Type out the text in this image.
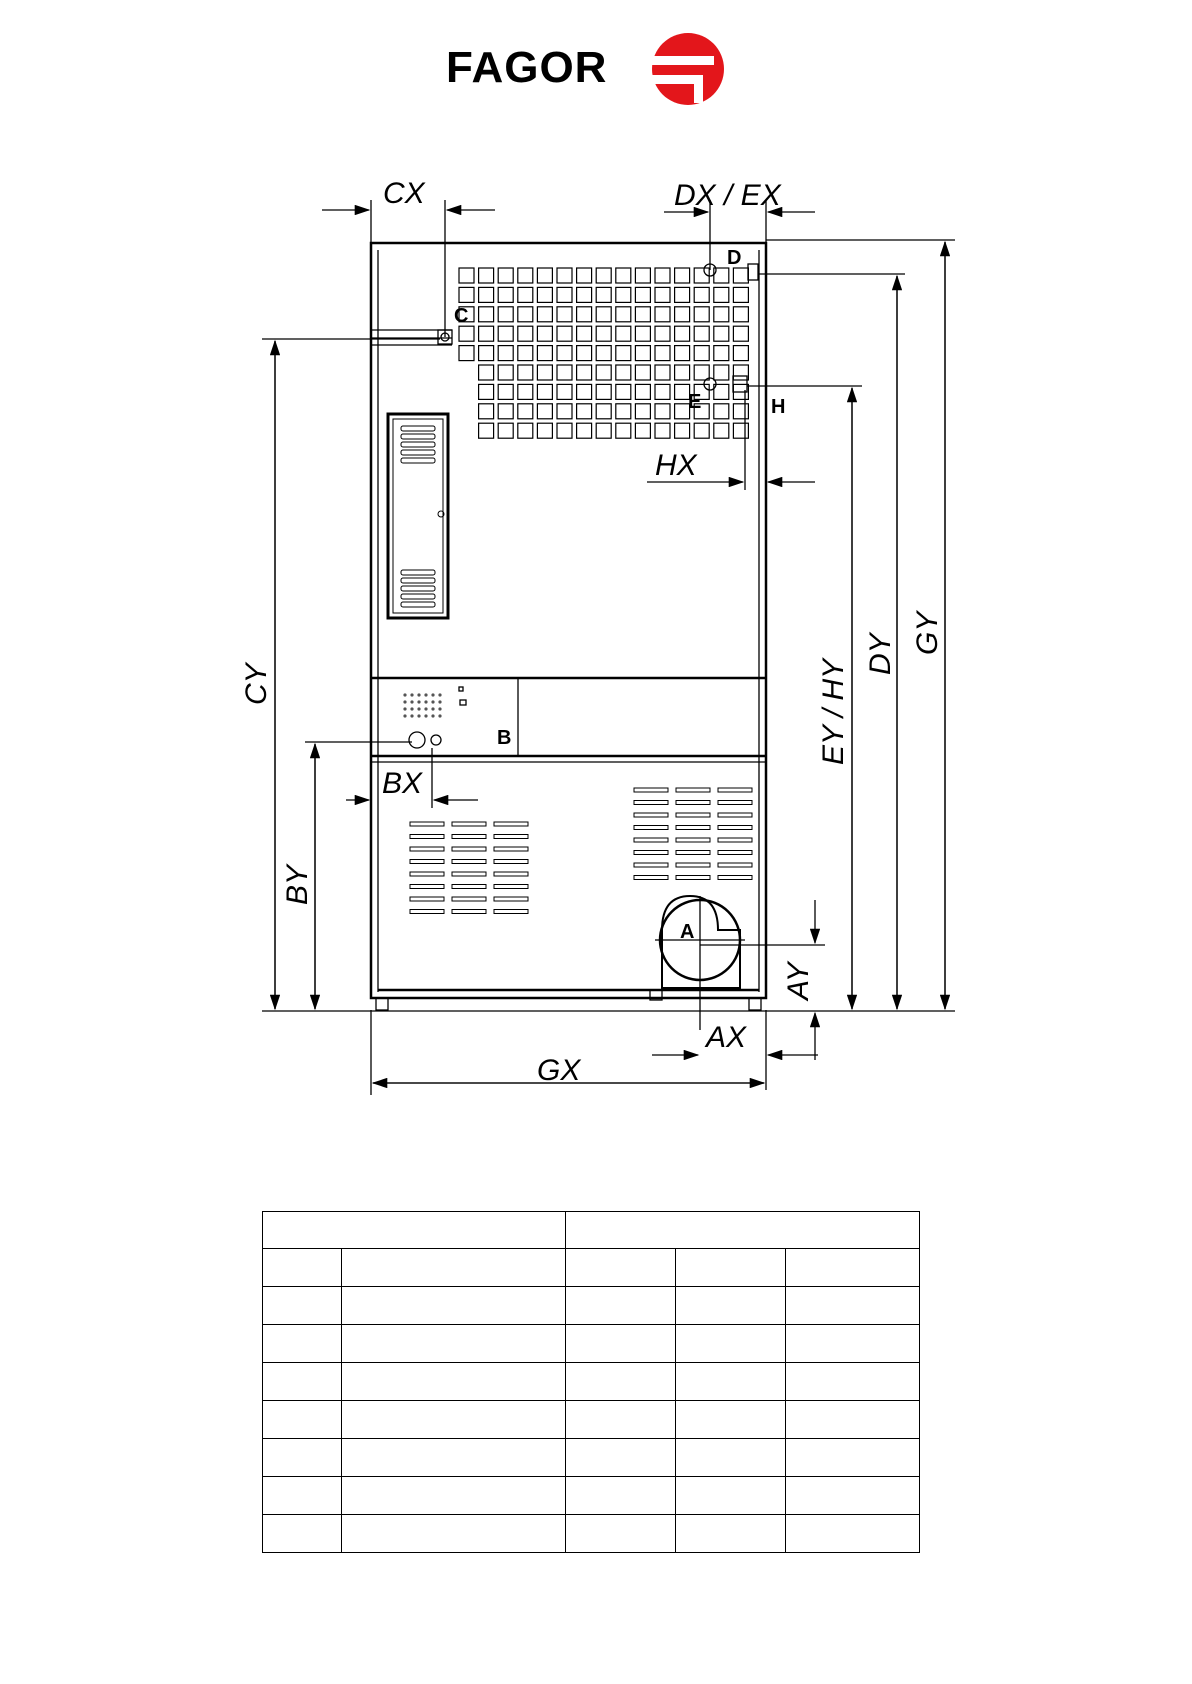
FAGOR
CX	DX / EX
HX
BX
AX
GX
CY
BY
EY / HY
DY GY
AY
A
B
C
D
E	H
